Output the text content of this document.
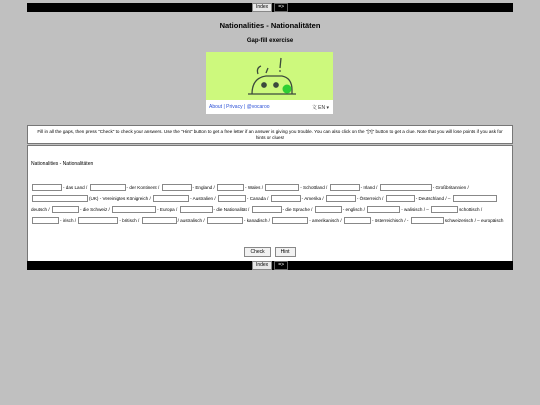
Index	=>
Nationalities - Nationalitäten
Gap-fill exercise
About | Privacy | @vocaroo	文 EN ▾
Fill in all the gaps, then press "Check" to check your answers. Use the "Hint" button to get a free letter if an answer is giving you trouble. You can also click on the "[?]" button to get a clue. Note that you will lose points if you ask for hints or clues!
Nationalities - Nationalitäten
- das Land /	- der Kontinent /	- England /	- Wales /	- Schottland /	- Irland /	- Großbritannien / (UK) - Vereinigtes Königreich /	- Australien /	- Canada /	- Amerika /	- Österreich /	- Deutschland / – deutsch /	- die Schweiz /	- Europa /	- die Nationalität /	- die Sprache /	- englisch /	- walisisch / –	schottisch / - irisch /	- britisch /	/ australisch /	- kanadisch /	- amerikanisch /	- österreichisch / -	schweizerisch / – europäisch
Check	Hint
Index	=>
